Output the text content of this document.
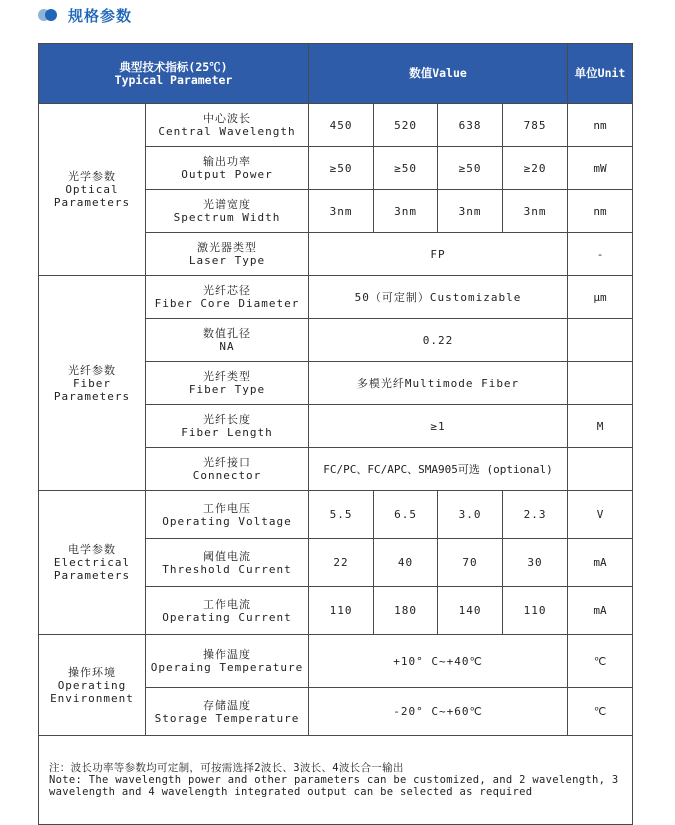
规格参数
典型技术指标(25℃)
Typical Parameter		数值Value				单位Unit

光学参数
Optical
Parameters	中心波长
Central Wavelength	450	520	638	785	nm

	输出功率
Output Power	≥50	≥50	≥50	≥20	mW

	光谱宽度
Spectrum Width	3nm	3nm	3nm	3nm	nm

	激光器类型
Laser Type	FP				-

光纤参数
Fiber
Parameters	光纤芯径
Fiber Core Diameter	50（可定制）Customizable				μm

	数值孔径
NA	0.22				

	光纤类型
Fiber Type	多模光纤Multimode Fiber				

	光纤长度
Fiber Length	≥1				M

	光纤接口
Connector	FC/PC、FC/APC、SMA905可选 (optional)				

电学参数
Electrical
Parameters	工作电压
Operating Voltage	5.5	6.5	3.0	2.3	V

	阈值电流
Threshold Current	22	40	70	30	mA

	工作电流
Operating Current	110	180	140	110	mA

操作环境
Operating
Environment	操作温度
Operaing Temperature	+10° C~+40℃				℃

	存储温度
Storage Temperature	-20° C~+60℃				℃

注：波长功率等参数均可定制，可按需选择2波长、3波长、4波长合一输出
Note: The wavelength power and other parameters can be customized, and 2 wavelength, 3 wavelength and 4 wavelength integrated output can be selected as required						
